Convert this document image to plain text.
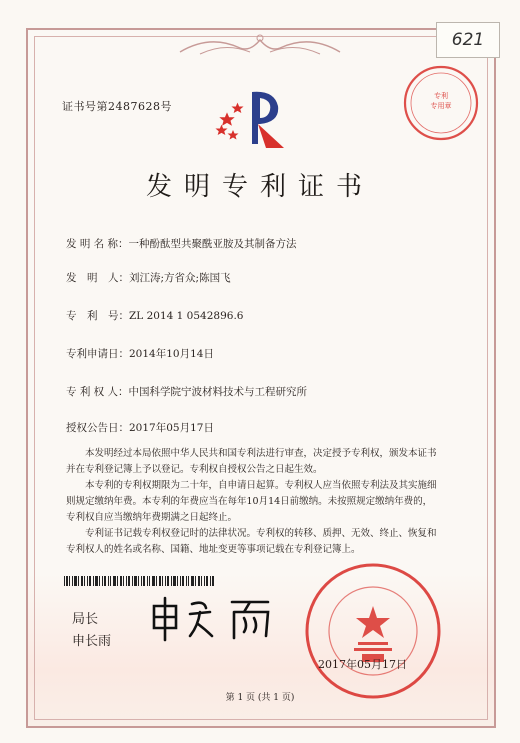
621
证书号第2487628号
专利
专用章
发明专利证书
发 明 名 称：一种酚酞型共聚酰亚胺及其制备方法
发　明　人：刘江涛;方省众;陈国飞
专　利　号：ZL 2014 1 0542896.6
专利申请日：2014年10月14日
专 利 权 人：中国科学院宁波材料技术与工程研究所
授权公告日：2017年05月17日

本发明经过本局依照中华人民共和国专利法进行审查，决定授予专利权，颁发本证书

并在专利登记簿上予以登记。专利权自授权公告之日起生效。

本专利的专利权期限为二十年，自申请日起算。专利权人应当依照专利法及其实施细

则规定缴纳年费。本专利的年费应当在每年10月14日前缴纳。未按照规定缴纳年费的，

专利权自应当缴纳年费期满之日起终止。

专利证书记载专利权登记时的法律状况。专利权的转移、质押、无效、终止、恢复和

专利权人的姓名或名称、国籍、地址变更等事项记载在专利登记簿上。

局长
申长雨
2017年05月17日
第 1 页 (共 1 页)
